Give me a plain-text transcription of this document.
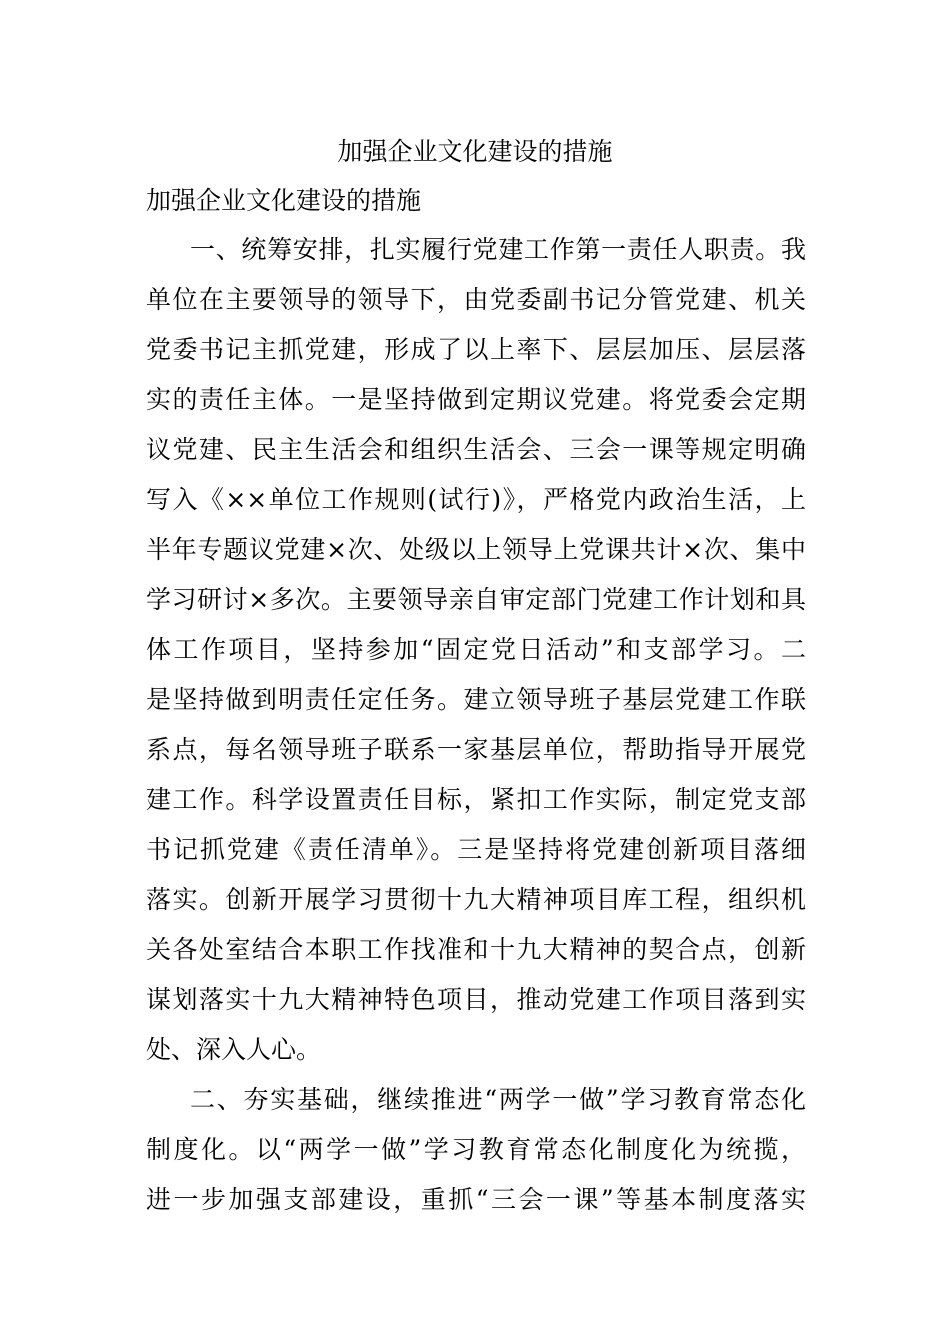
加强企业文化建设的措施
加强企业文化建设的措施
一、统筹安排，扎实履行党建工作第一责任人职责。我
单位在主要领导的领导下，由党委副书记分管党建、机关
党委书记主抓党建，形成了以上率下、层层加压、层层落
实的责任主体。一是坚持做到定期议党建。将党委会定期
议党建、民主生活会和组织生活会、三会一课等规定明确
写入《××单位工作规则(试行)》，严格党内政治生活，上
半年专题议党建×次、处级以上领导上党课共计×次、集中
学习研讨×多次。主要领导亲自审定部门党建工作计划和具
体工作项目，坚持参加“固定党日活动”和支部学习。二
是坚持做到明责任定任务。建立领导班子基层党建工作联
系点，每名领导班子联系一家基层单位，帮助指导开展党
建工作。科学设置责任目标，紧扣工作实际，制定党支部
书记抓党建《责任清单》。三是坚持将党建创新项目落细
落实。创新开展学习贯彻十九大精神项目库工程，组织机
关各处室结合本职工作找准和十九大精神的契合点，创新
谋划落实十九大精神特色项目，推动党建工作项目落到实
处、深入人心。
二、夯实基础，继续推进“两学一做”学习教育常态化
制度化。以“两学一做”学习教育常态化制度化为统揽，
进一步加强支部建设，重抓“三会一课”等基本制度落实
